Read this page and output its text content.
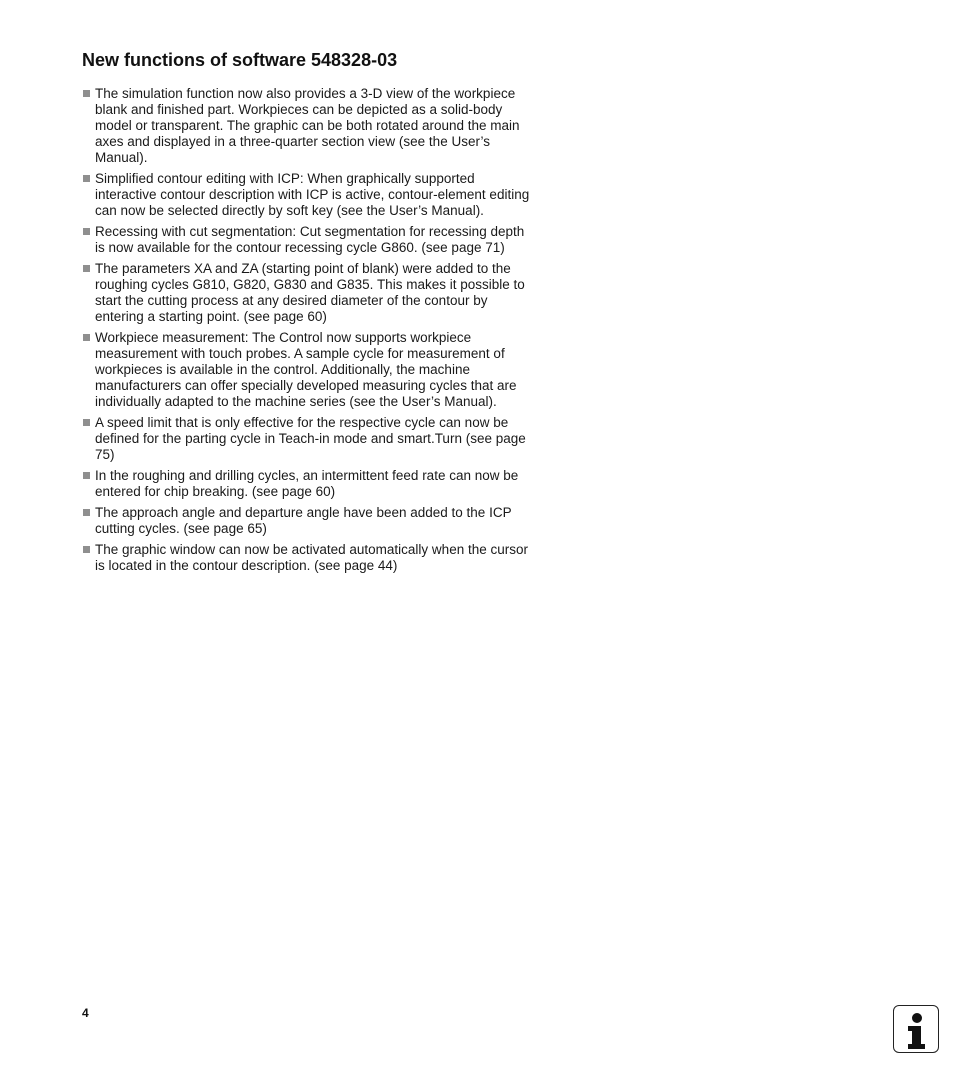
New functions of software 548328-03
The simulation function now also provides a 3-D view of the workpiece blank and finished part. Workpieces can be depicted as a solid-body model or transparent. The graphic can be both rotated around the main axes and displayed in a three-quarter section view (see the User’s Manual).
Simplified contour editing with ICP: When graphically supported interactive contour description with ICP is active, contour-element editing can now be selected directly by soft key (see the User’s Manual).
Recessing with cut segmentation: Cut segmentation for recessing depth is now available for the contour recessing cycle G860. (see page 71)
The parameters XA and ZA (starting point of blank) were added to the roughing cycles G810, G820, G830 and G835. This makes it possible to start the cutting process at any desired diameter of the contour by entering a starting point. (see page 60)
Workpiece measurement: The Control now supports workpiece measurement with touch probes. A sample cycle for measurement of workpieces is available in the control. Additionally, the machine manufacturers can offer specially developed measuring cycles that are individually adapted to the machine series (see the User’s Manual).
A speed limit that is only effective for the respective cycle can now be defined for the parting cycle in Teach-in mode and smart.Turn (see page 75)
In the roughing and drilling cycles, an intermittent feed rate can now be entered for chip breaking. (see page 60)
The approach angle and departure angle have been added to the ICP cutting cycles. (see page 65)
The graphic window can now be activated automatically when the cursor is located in the contour description. (see page 44)
4
